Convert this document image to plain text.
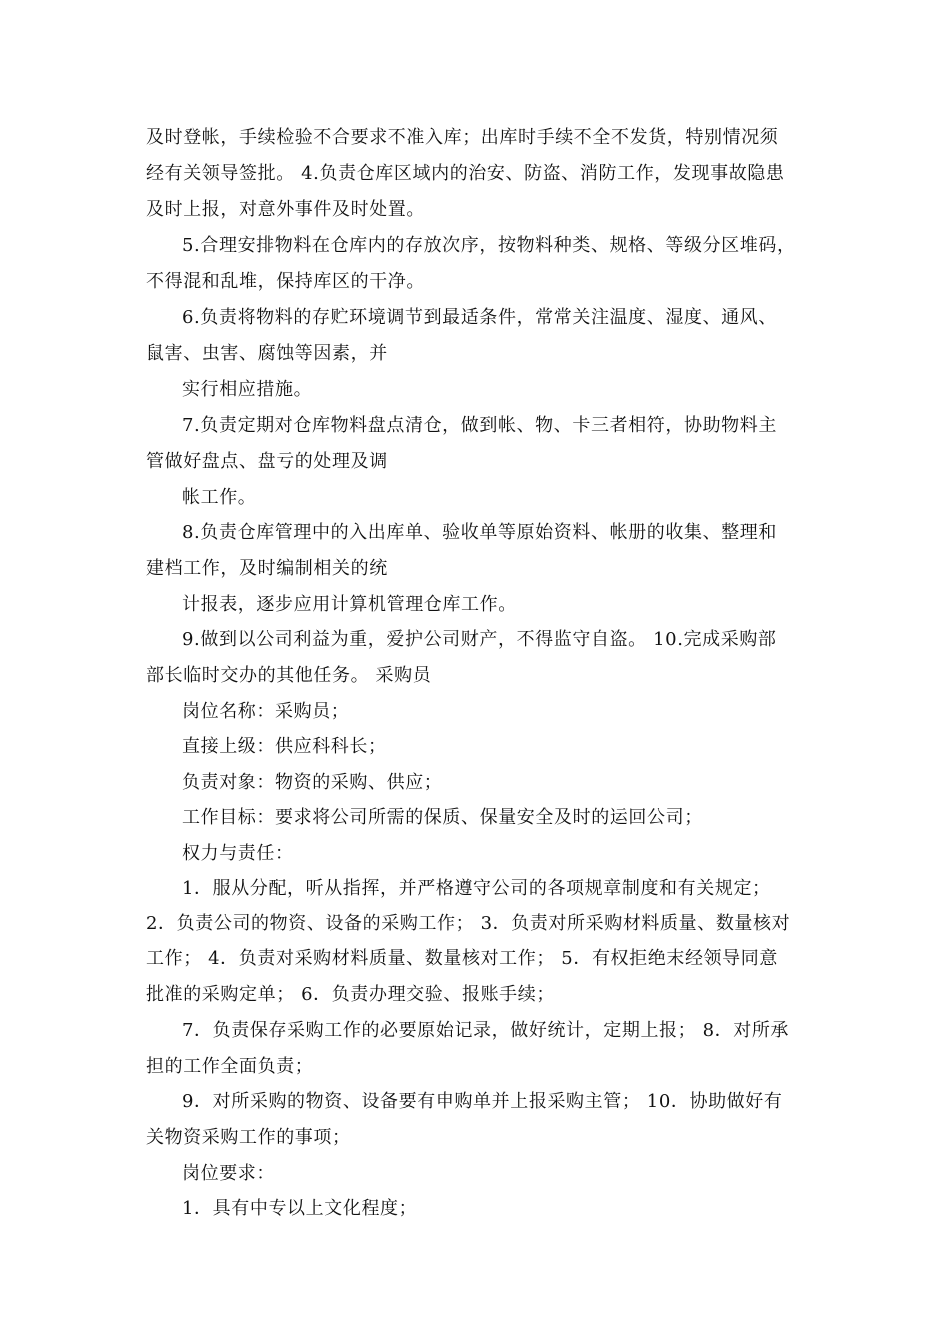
及时登帐，手续检验不合要求不准入库；出库时手续不全不发货，特别情况须
经有关领导签批。 4.负责仓库区域内的治安、防盗、消防工作，发现事故隐患
及时上报，对意外事件及时处置。
5.合理安排物料在仓库内的存放次序，按物料种类、规格、等级分区堆码，
不得混和乱堆，保持库区的干净。
6.负责将物料的存贮环境调节到最适条件，常常关注温度、湿度、通风、
鼠害、虫害、腐蚀等因素，并
实行相应措施。
7.负责定期对仓库物料盘点清仓，做到帐、物、卡三者相符，协助物料主
管做好盘点、盘亏的处理及调
帐工作。
8.负责仓库管理中的入出库单、验收单等原始资料、帐册的收集、整理和
建档工作，及时编制相关的统
计报表，逐步应用计算机管理仓库工作。
9.做到以公司利益为重，爱护公司财产，不得监守自盗。 10.完成采购部
部长临时交办的其他任务。 采购员
岗位名称：采购员；
直接上级：供应科科长；
负责对象：物资的采购、供应；
工作目标：要求将公司所需的保质、保量安全及时的运回公司；
权力与责任：
1．服从分配，听从指挥，并严格遵守公司的各项规章制度和有关规定；
2．负责公司的物资、设备的采购工作； 3．负责对所采购材料质量、数量核对
工作； 4．负责对采购材料质量、数量核对工作； 5．有权拒绝末经领导同意
批准的采购定单； 6．负责办理交验、报账手续；
7．负责保存采购工作的必要原始记录，做好统计，定期上报； 8．对所承
担的工作全面负责；
9．对所采购的物资、设备要有申购单并上报采购主管； 10．协助做好有
关物资采购工作的事项；
岗位要求：
1．具有中专以上文化程度；
